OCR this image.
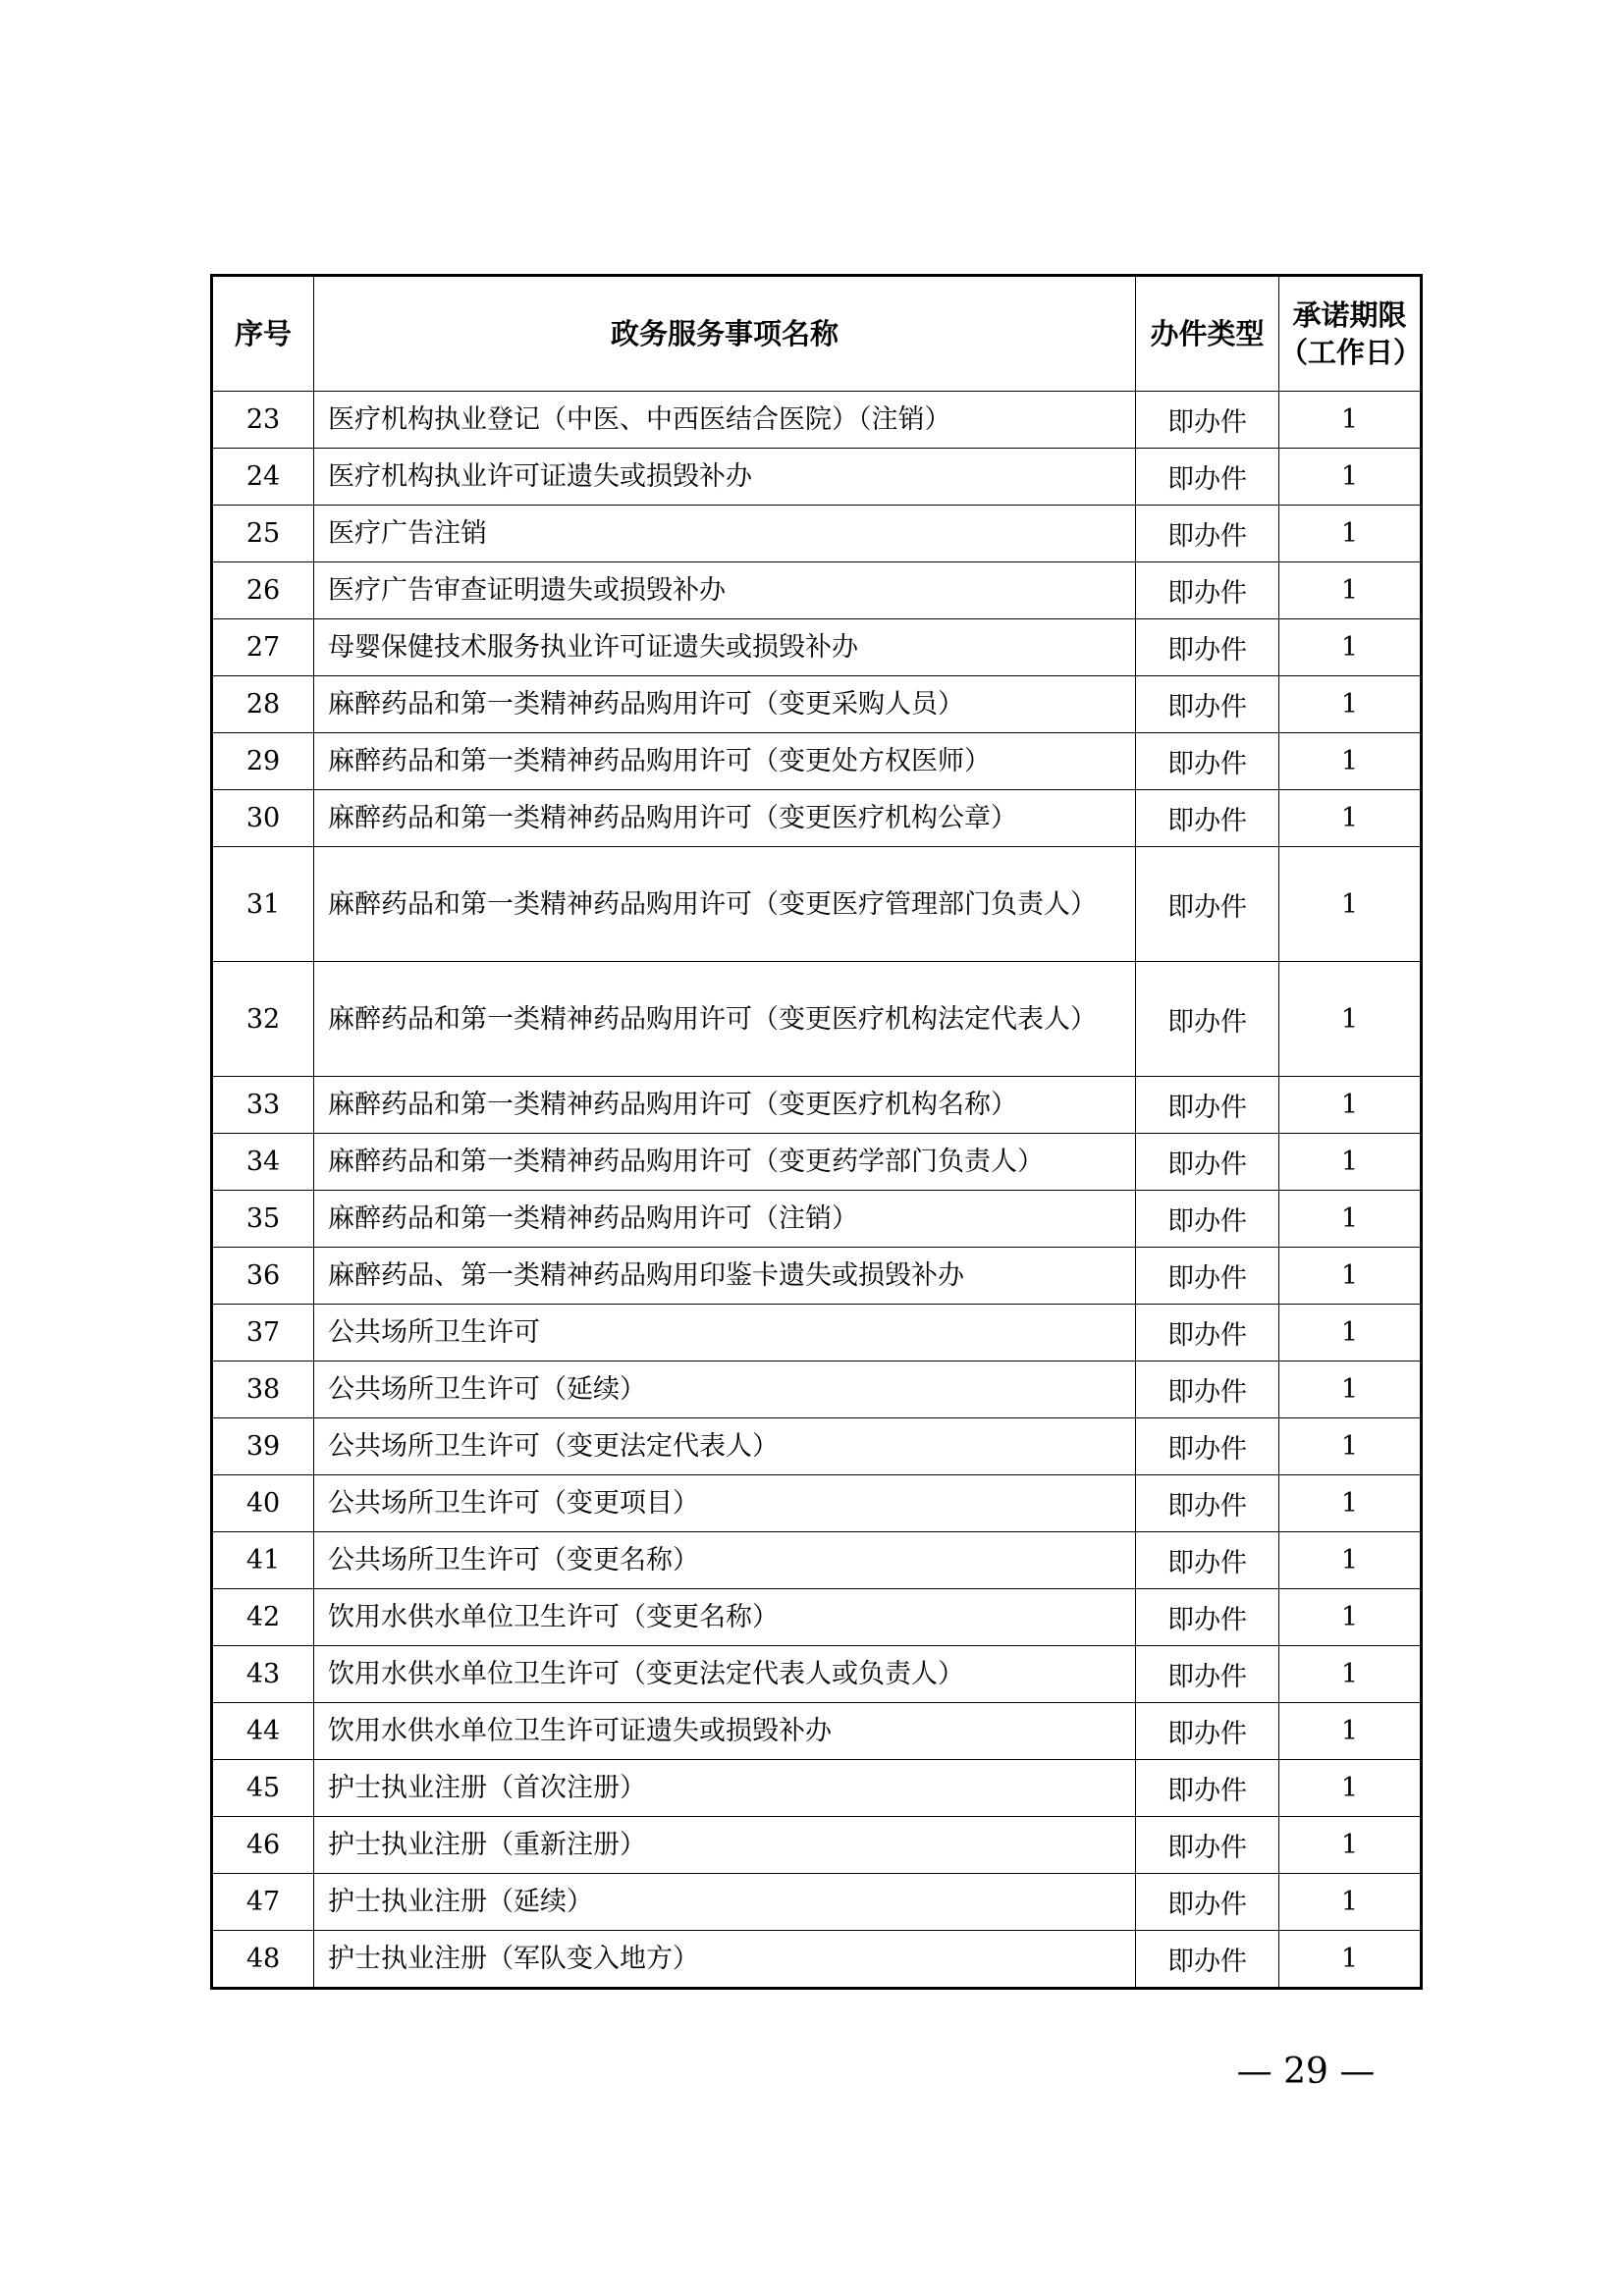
序号	政务服务事项名称	办件类型	承诺期限
（工作日）

23	医疗机构执业登记（中医、中西医结合医院）（注销）	即办件	1
24	医疗机构执业许可证遗失或损毁补办	即办件	1
25	医疗广告注销	即办件	1
26	医疗广告审查证明遗失或损毁补办	即办件	1
27	母婴保健技术服务执业许可证遗失或损毁补办	即办件	1
28	麻醉药品和第一类精神药品购用许可（变更采购人员）	即办件	1
29	麻醉药品和第一类精神药品购用许可（变更处方权医师）	即办件	1
30	麻醉药品和第一类精神药品购用许可（变更医疗机构公章）	即办件	1
31	麻醉药品和第一类精神药品购用许可（变更医疗管理部门负责人）	即办件	1
32	麻醉药品和第一类精神药品购用许可（变更医疗机构法定代表人）	即办件	1
33	麻醉药品和第一类精神药品购用许可（变更医疗机构名称）	即办件	1
34	麻醉药品和第一类精神药品购用许可（变更药学部门负责人）	即办件	1
35	麻醉药品和第一类精神药品购用许可（注销）	即办件	1
36	麻醉药品、第一类精神药品购用印鉴卡遗失或损毁补办	即办件	1
37	公共场所卫生许可	即办件	1
38	公共场所卫生许可（延续）	即办件	1
39	公共场所卫生许可（变更法定代表人）	即办件	1
40	公共场所卫生许可（变更项目）	即办件	1
41	公共场所卫生许可（变更名称）	即办件	1
42	饮用水供水单位卫生许可（变更名称）	即办件	1
43	饮用水供水单位卫生许可（变更法定代表人或负责人）	即办件	1
44	饮用水供水单位卫生许可证遗失或损毁补办	即办件	1
45	护士执业注册（首次注册）	即办件	1
46	护士执业注册（重新注册）	即办件	1
47	护士执业注册（延续）	即办件	1
48	护士执业注册（军队变入地方）	即办件	1
— 29 —
